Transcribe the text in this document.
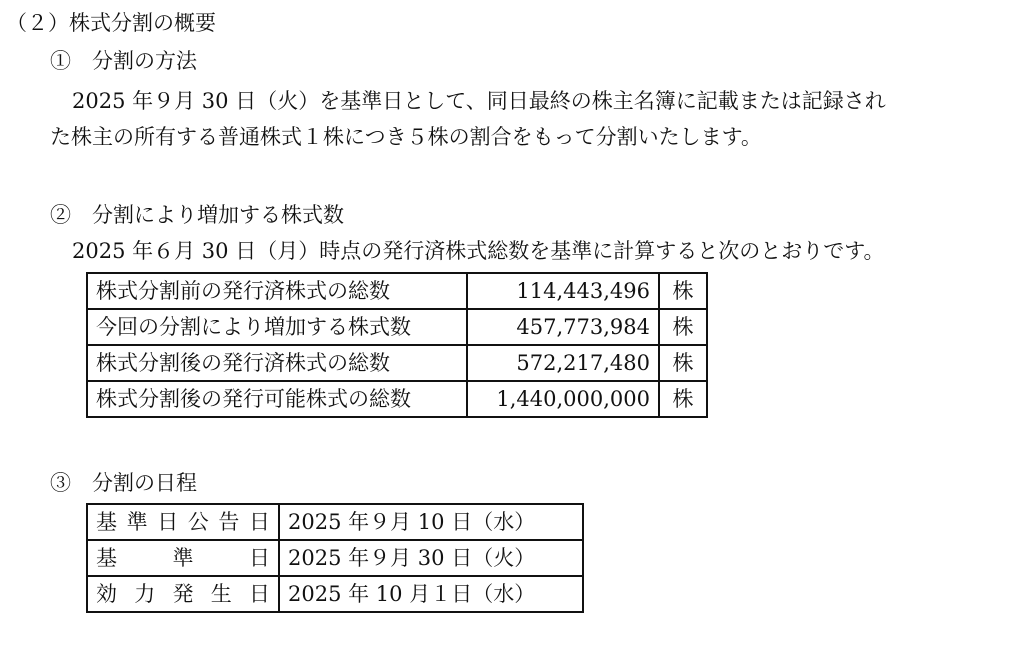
（２）株式分割の概要
①　分割の方法
2025 年９月 30 日（火）を基準日として、同日最終の株主名簿に記載または記録され
た株主の所有する普通株式１株につき５株の割合をもって分割いたします。
②　分割により増加する株式数
2025 年６月 30 日（月）時点の発行済株式総数を基準に計算すると次のとおりです。
株式分割前の発行済株式の総数	114,443,496	株
今回の分割により増加する株式数	457,773,984	株
株式分割後の発行済株式の総数	572,217,480	株
株式分割後の発行可能株式の総数	1,440,000,000	株
③　分割の日程
基準日公告日	2025 年９月 10 日（水）
基準日	2025 年９月 30 日（火）
効力発生日	2025 年 10 月１日（水）
